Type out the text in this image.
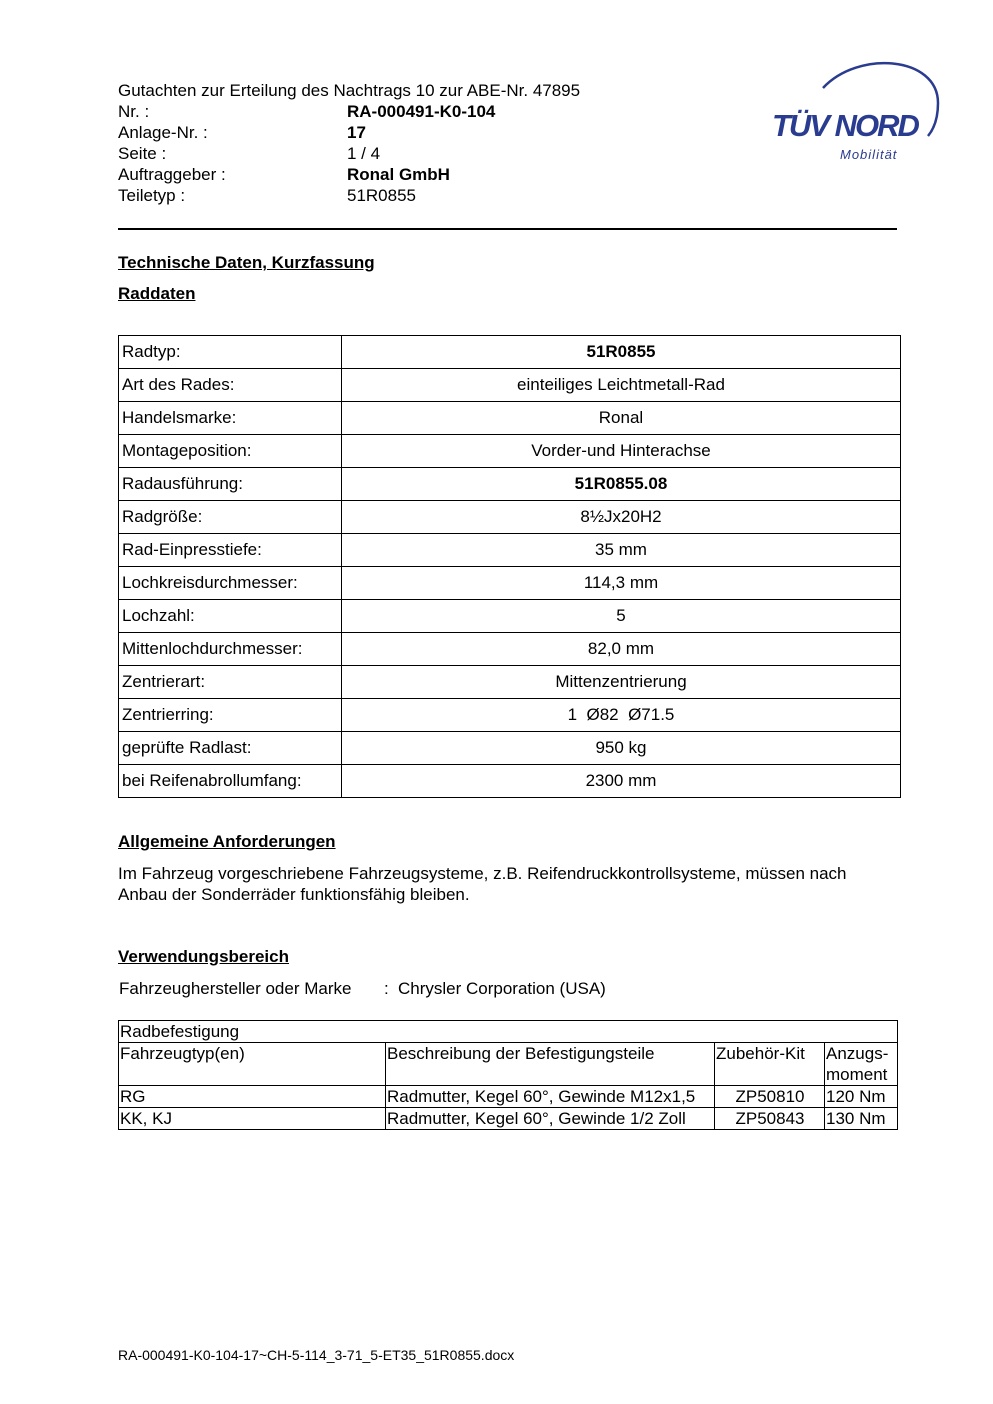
Gutachten zur Erteilung des Nachtrags 10 zur ABE-Nr. 47895
Nr. :	RA-000491-K0-104
Anlage-Nr. :	17
Seite :	1 / 4
Auftraggeber :	Ronal GmbH
Teiletyp :	51R0855
TÜV NORD
Mobilität
Technische Daten, Kurzfassung
Raddaten
Radtyp:	51R0855
Art des Rades:	einteiliges Leichtmetall-Rad
Handelsmarke:	Ronal
Montageposition:	Vorder-und Hinterachse
Radausführung:	51R0855.08
Radgröße:	8½Jx20H2
Rad-Einpresstiefe:	35 mm
Lochkreisdurchmesser:	114,3 mm
Lochzahl:	5
Mittenlochdurchmesser:	82,0 mm
Zentrierart:	Mittenzentrierung
Zentrierring:	1  Ø82  Ø71.5
geprüfte Radlast:	950 kg
bei Reifenabrollumfang:	2300 mm
Allgemeine Anforderungen
Im Fahrzeug vorgeschriebene Fahrzeugsysteme, z.B. Reifendruckkontrollsysteme, müssen nach Anbau der Sonderräder funktionsfähig bleiben.
Verwendungsbereich
Fahrzeughersteller oder Marke	: Chrysler Corporation (USA)
Radbefestigung			
Fahrzeugtyp(en)	Beschreibung der Befestigungsteile	Zubehör-Kit	Anzugs-moment
RG	Radmutter, Kegel 60°, Gewinde M12x1,5	ZP50810	120 Nm
KK, KJ	Radmutter, Kegel 60°, Gewinde 1/2 Zoll	ZP50843	130 Nm
RA-000491-K0-104-17~CH-5-114_3-71_5-ET35_51R0855.docx
